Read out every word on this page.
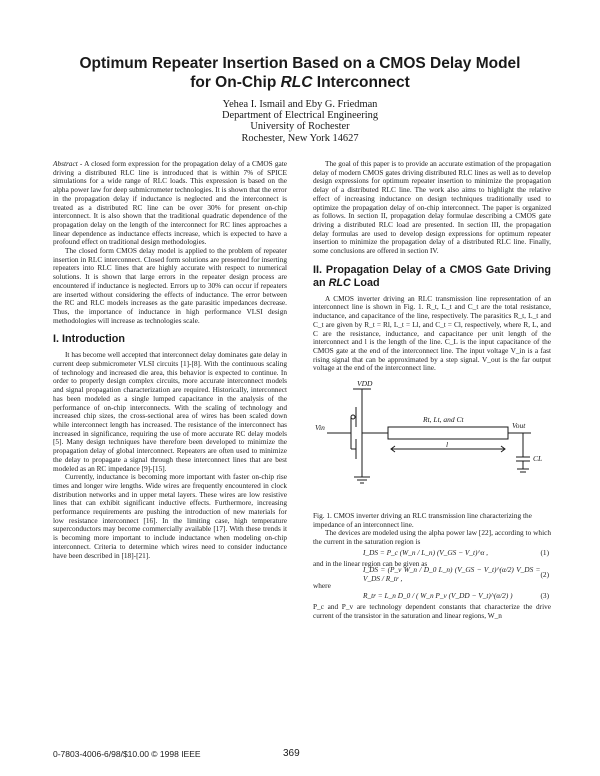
Optimum Repeater Insertion Based on a CMOS Delay Model
for On-Chip RLC Interconnect
Yehea I. Ismail and Eby G. Friedman
Department of Electrical Engineering
University of Rochester
Rochester, New York 14627

Abstract - A closed form expression for the propagation delay of a CMOS gate driving a distributed RLC line is introduced that is within 7% of SPICE simulations for a wide range of RLC loads. This expression is based on the alpha power law for deep submicrometer technologies. It is shown that the error in the propagation delay if inductance is neglected and the interconnect is treated as a distributed RC line can be over 30% for present on-chip interconnect. It is also shown that the traditional quadratic dependence of the propagation delay on the length of the interconnect for RC lines approaches a linear dependence as inductance effects increase, which is expected to have a profound effect on traditional design methodologies.

The closed form CMOS delay model is applied to the problem of repeater insertion in RLC interconnect. Closed form solutions are presented for inserting repeaters into RLC lines that are highly accurate with respect to numerical solutions. It is shown that large errors in the repeater design process are encountered if inductance is neglected. Errors up to 30% can occur if repeaters are inserted without considering the effects of inductance. The error between the RC and RLC models increases as the gate parasitic impedances decrease. Thus, the importance of inductance in high performance VLSI design methodologies will increase as technologies scale.

I. Introduction

It has become well accepted that interconnect delay dominates gate delay in current deep submicrometer VLSI circuits [1]-[8]. With the continuous scaling of technology and increased die area, this behavior is expected to continue. In order to properly design complex circuits, more accurate interconnect models and signal propagation characterization are required. Historically, interconnect has been modeled as a single lumped capacitance in the analysis of the performance of on-chip interconnects. With the scaling of technology and increased chip sizes, the cross-sectional area of wires has been scaled down while interconnect length has increased. The resistance of the interconnect has increased in significance, requiring the use of more accurate RC delay models [5]. Many design techniques have therefore been developed to minimize the propagation delay of global interconnect. Repeaters are often used to minimize the delay to propagate a signal through these interconnect lines that are best modeled as an RC impedance [9]-[15].

Currently, inductance is becoming more important with faster on-chip rise times and longer wire lengths. Wide wires are frequently encountered in clock distribution networks and in upper metal layers. These wires are low resistive lines that can exhibit significant inductive effects. Furthermore, increasing performance requirements are pushing the introduction of new materials for low resistance interconnect [16]. In the limiting case, high temperature superconductors may become commercially available [17]. With these trends it is becoming more important to include inductance when modeling on-chip interconnect. Criteria to determine which wires need to consider inductance have been described in [18]-[21].

The goal of this paper is to provide an accurate estimation of the propagation delay of modern CMOS gates driving distributed RLC lines as well as to develop design expressions for optimum repeater insertion to minimize the propagation delay of a distributed RLC line. The work also aims to highlight the relative effect of increasing inductance on design techniques traditionally used to optimize the propagation delay of on-chip interconnect. The paper is organized as follows. In section II, propagation delay formulae describing a CMOS gate driving a distributed RLC load are presented. In section III, the propagation delay formulas are used to develop design expressions for optimum repeater insertion to minimize the propagation delay of a distributed RLC line. Finally, some conclusions are offered in section IV.

II. Propagation Delay of a CMOS Gate Driving an RLC Load

A CMOS inverter driving an RLC transmission line representation of an interconnect line is shown in Fig. 1. R_t, L_t and C_t are the total resistance, inductance, and capacitance of the line, respectively. The parasitics R_t, L_t and C_t are given by R_t = Rl, L_t = Ll, and C_t = Cl, respectively, where R, L, and C are the resistance, inductance, and capacitance per unit length of the interconnect and l is the length of the line. C_L is the input capacitance of the CMOS gate at the end of the interconnect line. The input voltage V_in is a fast rising signal that can be approximated by a step signal. V_out is the far output voltage at the end of the interconnect line.

VDD
Vin	Vout
Rt, Lt, and Ct
l
CL

Fig. 1. CMOS inverter driving an RLC transmission line characterizing the impedance of an interconnect line.

The devices are modeled using the alpha power law [22], according to which the current in the saturation region is

I_DS = P_c (W_n / L_n) (V_GS − V_t)^α ,	(1)

and in the linear region can be given as

I_DS = (P_v W_n / D_0 L_n) (V_GS − V_t)^(α/2) V_DS = V_DS / R_tr ,	(2)

where

R_tr = L_n D_0 / ( W_n P_v (V_DD − V_t)^(α/2) )	(3)

P_c and P_v are technology dependent constants that characterize the drive current of the transistor in the saturation and linear regions, W_n

0-7803-4006-6/98/$10.00 © 1998 IEEE	369
